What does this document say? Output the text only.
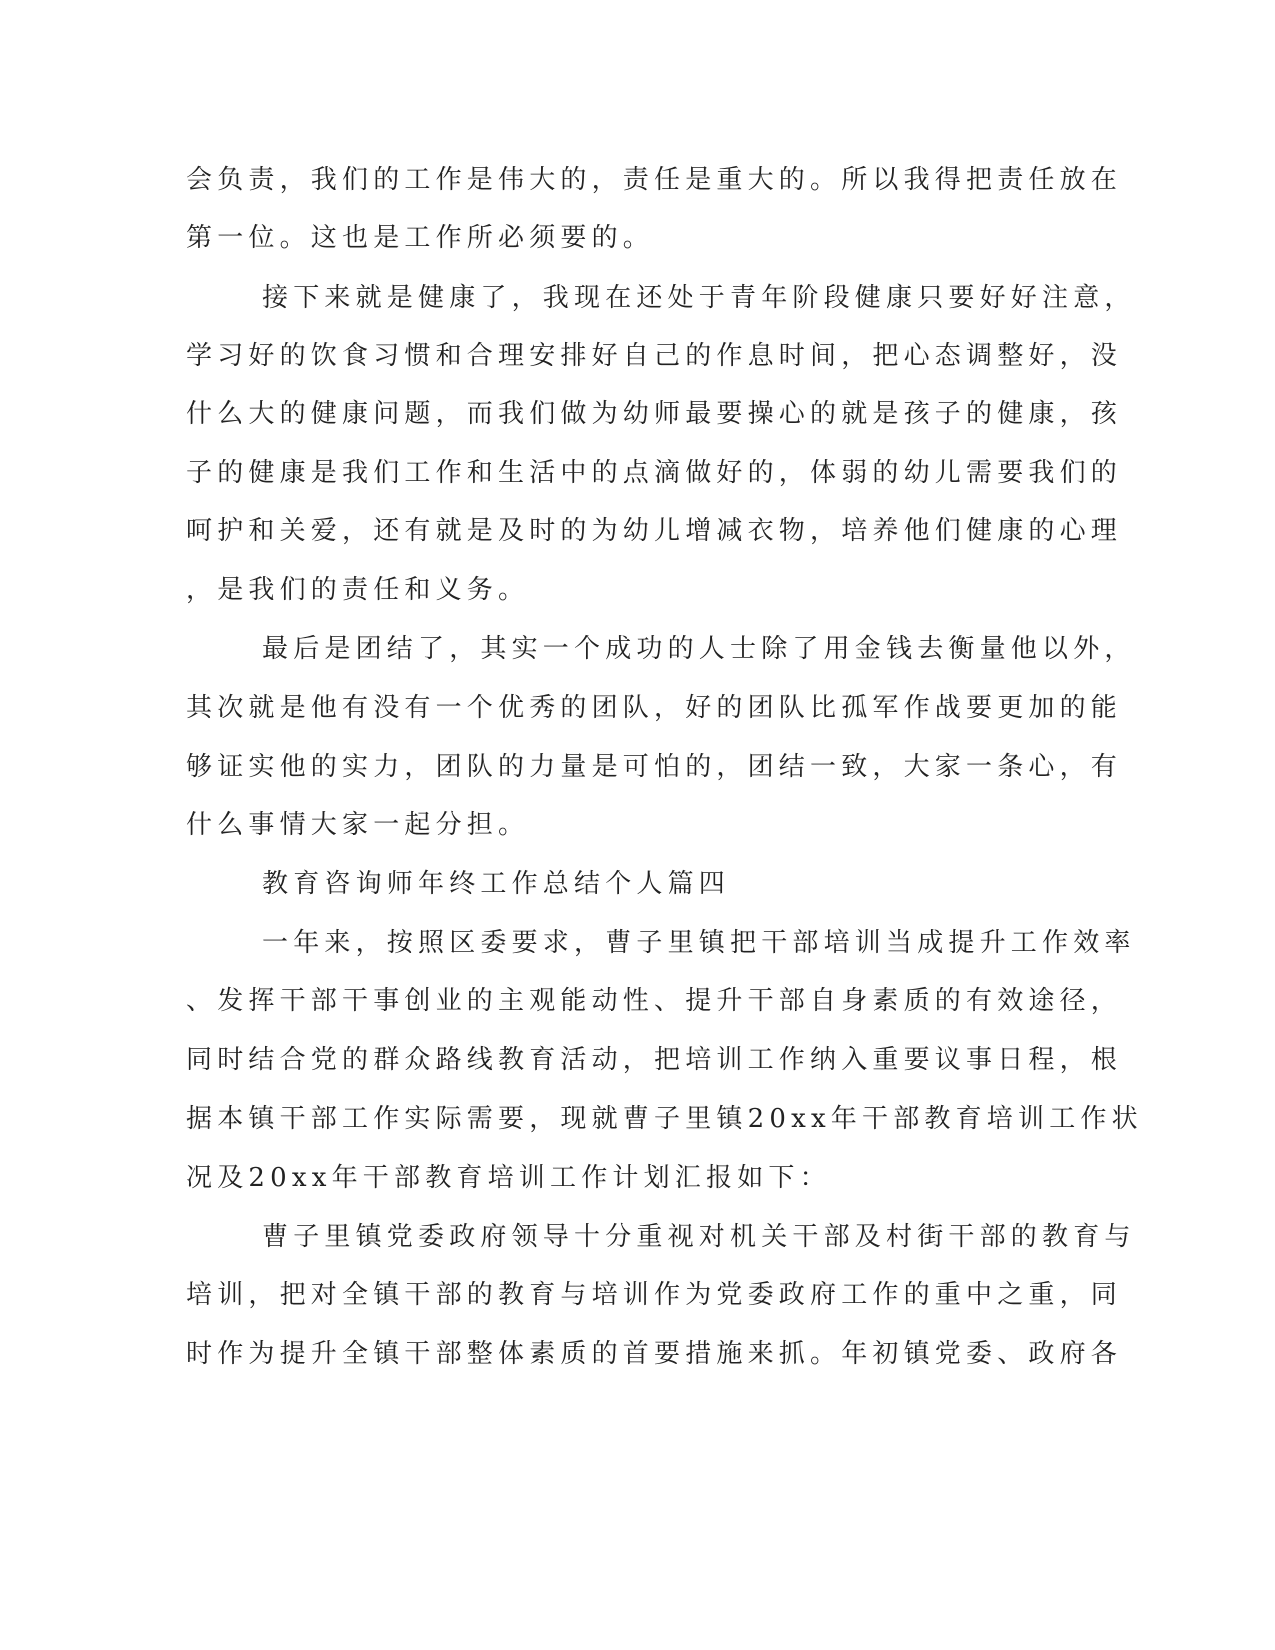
会负责，我们的工作是伟大的，责任是重大的。所以我得把责任放在
第一位。这也是工作所必须要的。
接下来就是健康了，我现在还处于青年阶段健康只要好好注意，
学习好的饮食习惯和合理安排好自己的作息时间，把心态调整好，没
什么大的健康问题，而我们做为幼师最要操心的就是孩子的健康，孩
子的健康是我们工作和生活中的点滴做好的，体弱的幼儿需要我们的
呵护和关爱，还有就是及时的为幼儿增减衣物，培养他们健康的心理
，是我们的责任和义务。
最后是团结了，其实一个成功的人士除了用金钱去衡量他以外，
其次就是他有没有一个优秀的团队，好的团队比孤军作战要更加的能
够证实他的实力，团队的力量是可怕的，团结一致，大家一条心，有
什么事情大家一起分担。
教育咨询师年终工作总结个人篇四
一年来，按照区委要求，曹子里镇把干部培训当成提升工作效率
、发挥干部干事创业的主观能动性、提升干部自身素质的有效途径，
同时结合党的群众路线教育活动，把培训工作纳入重要议事日程，根
据本镇干部工作实际需要，现就曹子里镇20xx年干部教育培训工作状
况及20xx年干部教育培训工作计划汇报如下：
曹子里镇党委政府领导十分重视对机关干部及村街干部的教育与
培训，把对全镇干部的教育与培训作为党委政府工作的重中之重，同
时作为提升全镇干部整体素质的首要措施来抓。年初镇党委、政府各
